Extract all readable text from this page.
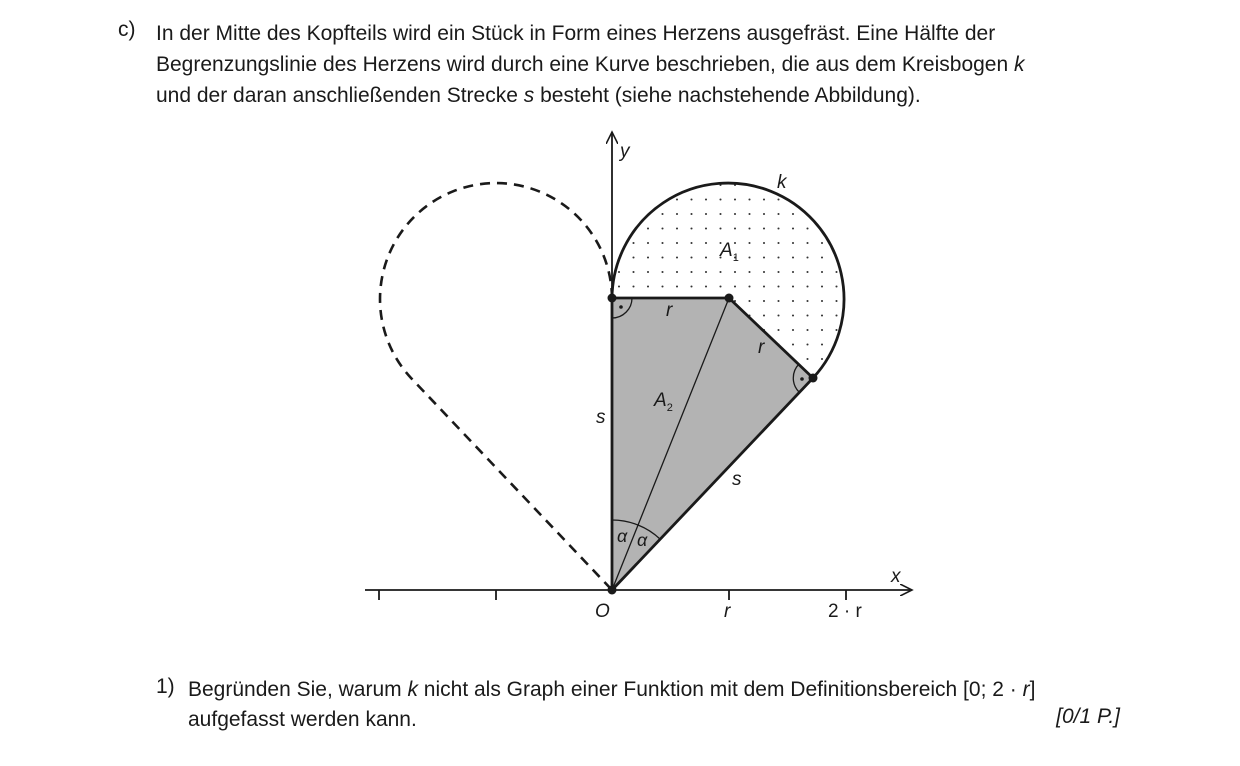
c) In der Mitte des Kopfteils wird ein Stück in Form eines Herzens ausgefräst. Eine Hälfte der

Begrenzungslinie des Herzens wird durch eine Kurve beschrieben, die aus dem Kreisbogen k

und der daran anschließenden Strecke s besteht (siehe nachstehende Abbildung).

y
x
O	r	2 · r
k
$A_1$
$A_2$
r
r
s
s
α α
1) Begründen Sie, warum k nicht als Graph einer Funktion mit dem Definitionsbereich [0; 2 · r]

aufgefasst werden kann.	[0/1 P.]
